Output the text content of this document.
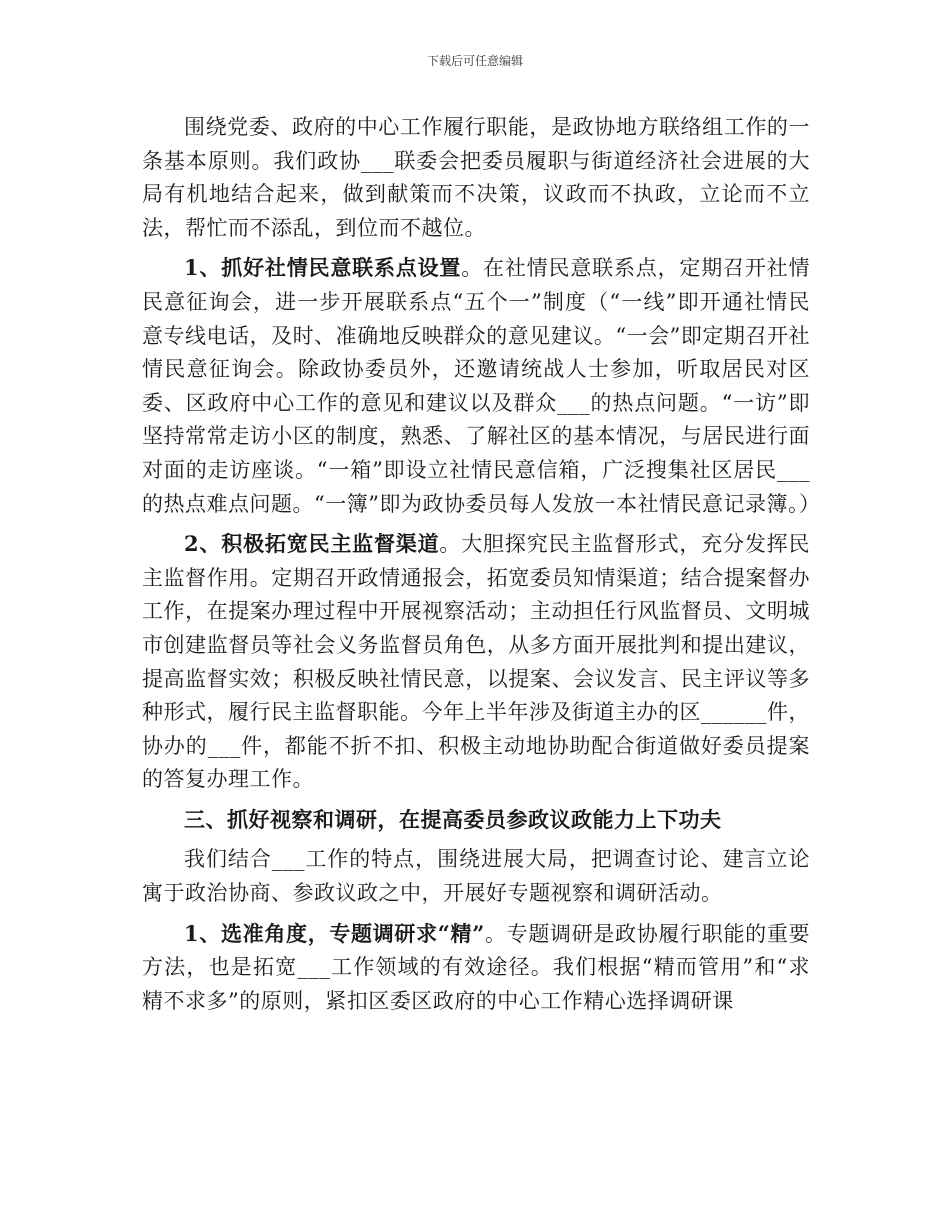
下载后可任意编辑

围绕党委、政府的中心工作履行职能，是政协地方联络组工作的一条基本原则。我们政协___联委会把委员履职与街道经济社会进展的大局有机地结合起来，做到献策而不决策，议政而不执政，立论而不立法，帮忙而不添乱，到位而不越位。

1、抓好社情民意联系点设置。在社情民意联系点，定期召开社情民意征询会，进一步开展联系点“五个一”制度（“一线”即开通社情民意专线电话，及时、准确地反映群众的意见建议。“一会”即定期召开社情民意征询会。除政协委员外，还邀请统战人士参加，听取居民对区委、区政府中心工作的意见和建议以及群众___的热点问题。“一访”即坚持常常走访小区的制度，熟悉、了解社区的基本情况，与居民进行面对面的走访座谈。“一箱”即设立社情民意信箱，广泛搜集社区居民___的热点难点问题。“一簿”即为政协委员每人发放一本社情民意记录簿。）

2、积极拓宽民主监督渠道。大胆探究民主监督形式，充分发挥民主监督作用。定期召开政情通报会，拓宽委员知情渠道；结合提案督办工作，在提案办理过程中开展视察活动；主动担任行风监督员、文明城市创建监督员等社会义务监督员角色，从多方面开展批判和提出建议，提高监督实效；积极反映社情民意，以提案、会议发言、民主评议等多种形式，履行民主监督职能。今年上半年涉及街道主办的区______件，协办的___件，都能不折不扣、积极主动地协助配合街道做好委员提案的答复办理工作。

三、抓好视察和调研，在提高委员参政议政能力上下功夫

我们结合___工作的特点，围绕进展大局，把调查讨论、建言立论寓于政治协商、参政议政之中，开展好专题视察和调研活动。

1、选准角度，专题调研求“精”。专题调研是政协履行职能的重要方法，也是拓宽___工作领域的有效途径。我们根据“精而管用”和“求精不求多”的原则，紧扣区委区政府的中心工作精心选择调研课
